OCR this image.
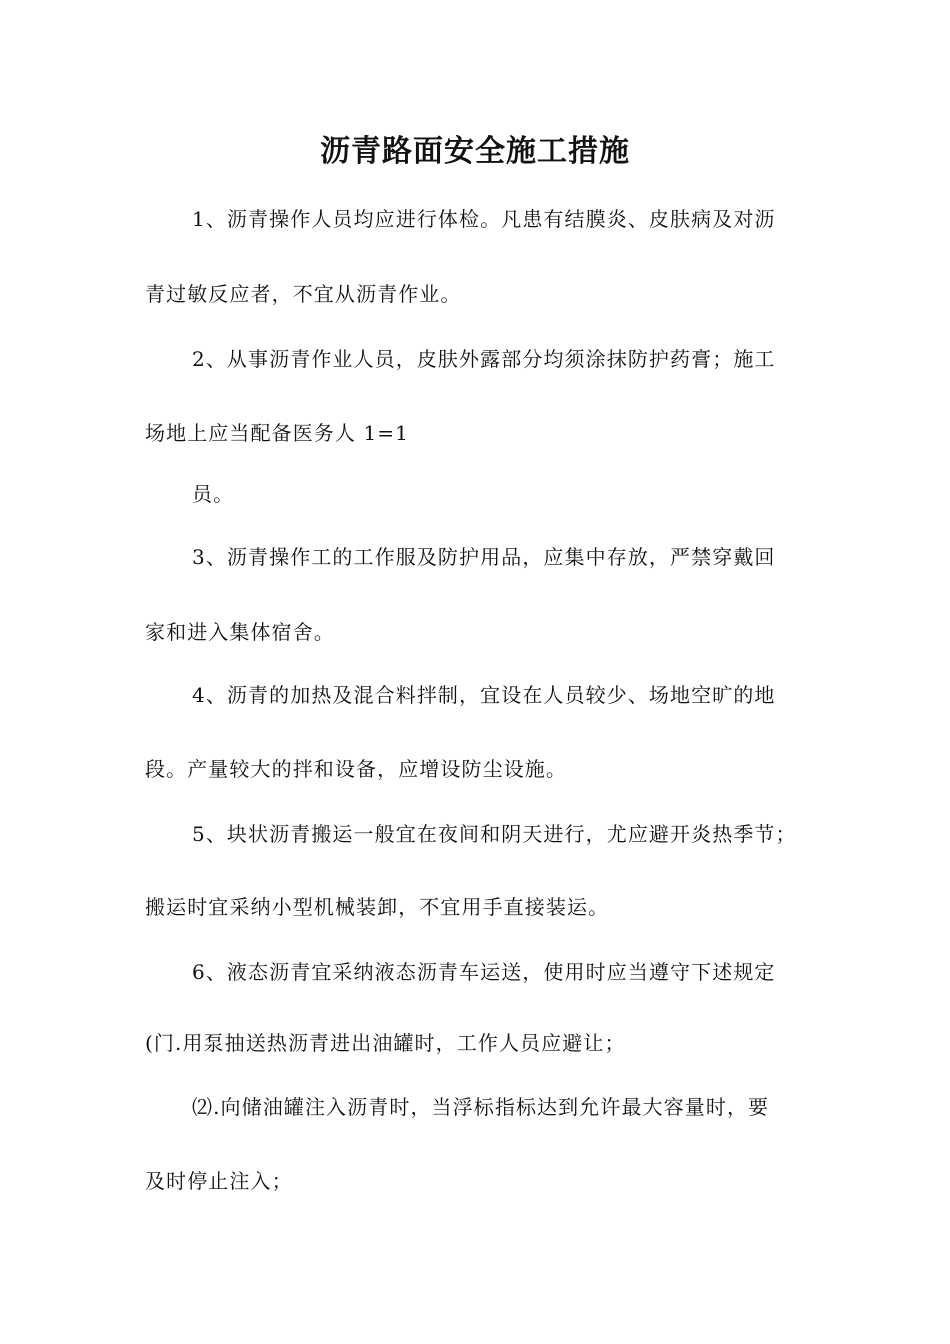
沥青路面安全施工措施

1、沥青操作人员均应进行体检。凡患有结膜炎、皮肤病及对沥

青过敏反应者，不宜从沥青作业。

2、从事沥青作业人员，皮肤外露部分均须涂抹防护药膏；施工

场地上应当配备医务人 1=1

员。

3、沥青操作工的工作服及防护用品，应集中存放，严禁穿戴回

家和进入集体宿舍。

4、沥青的加热及混合料拌制，宜设在人员较少、场地空旷的地

段。产量较大的拌和设备，应增设防尘设施。

5、块状沥青搬运一般宜在夜间和阴天进行，尤应避开炎热季节；

搬运时宜采纳小型机械装卸，不宜用手直接装运。

6、液态沥青宜采纳液态沥青车运送，使用时应当遵守下述规定

(门.用泵抽送热沥青进出油罐时，工作人员应避让；

⑵.向储油罐注入沥青时，当浮标指标达到允许最大容量时，要

及时停止注入；
